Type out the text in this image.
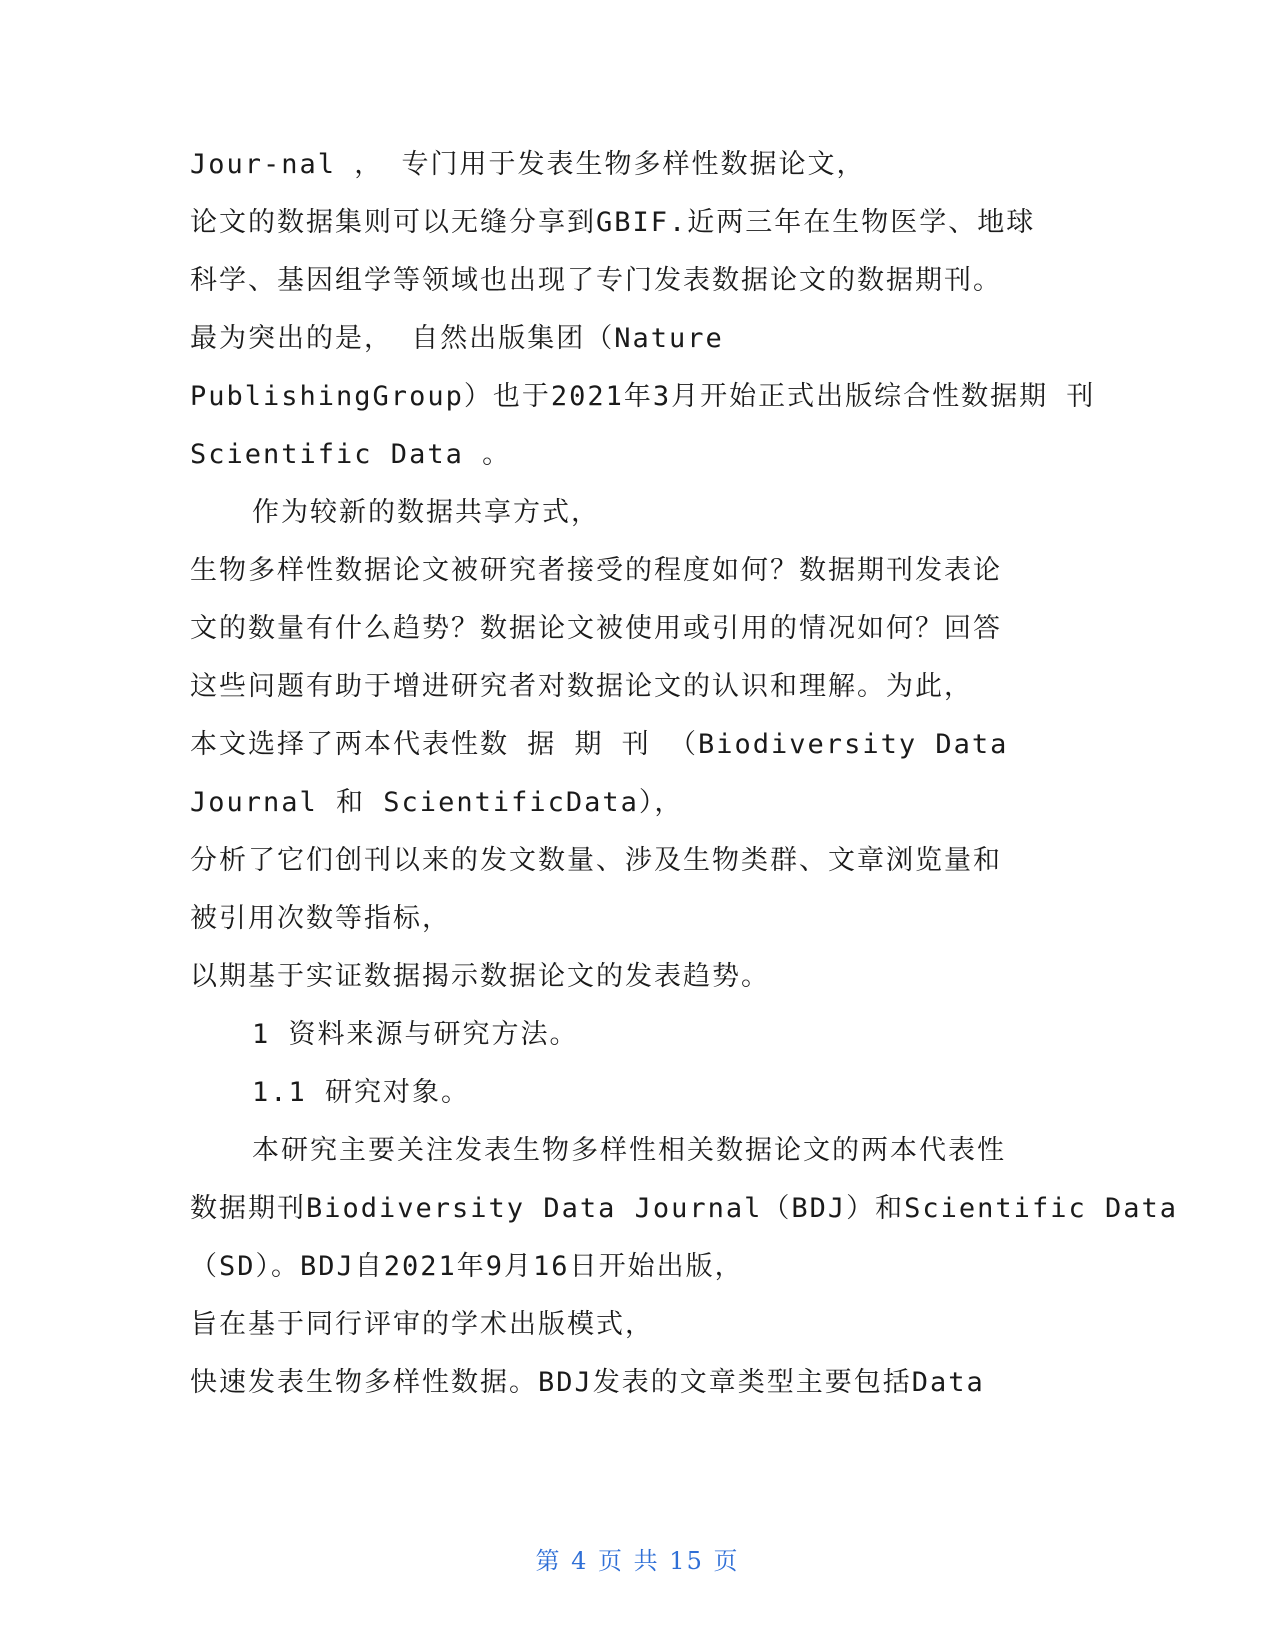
Jour-nal ， 专门用于发表生物多样性数据论文，
论文的数据集则可以无缝分享到GBIF.近两三年在生物医学、地球
科学、基因组学等领域也出现了专门发表数据论文的数据期刊。
最为突出的是， 自然出版集团（Nature
PublishingGroup）也于2021年3月开始正式出版综合性数据期 刊
Scientific Data 。
作为较新的数据共享方式，
生物多样性数据论文被研究者接受的程度如何？数据期刊发表论
文的数量有什么趋势？数据论文被使用或引用的情况如何？回答
这些问题有助于增进研究者对数据论文的认识和理解。为此，
本文选择了两本代表性数 据 期 刊 （Biodiversity Data
Journal 和 ScientificData），
分析了它们创刊以来的发文数量、涉及生物类群、文章浏览量和
被引用次数等指标，
以期基于实证数据揭示数据论文的发表趋势。
1 资料来源与研究方法。
1.1 研究对象。
本研究主要关注发表生物多样性相关数据论文的两本代表性
数据期刊Biodiversity Data Journal（BDJ）和Scientific Data
（SD）。BDJ自2021年9月16日开始出版，
旨在基于同行评审的学术出版模式，
快速发表生物多样性数据。BDJ发表的文章类型主要包括Data
第 4 页 共 15 页
